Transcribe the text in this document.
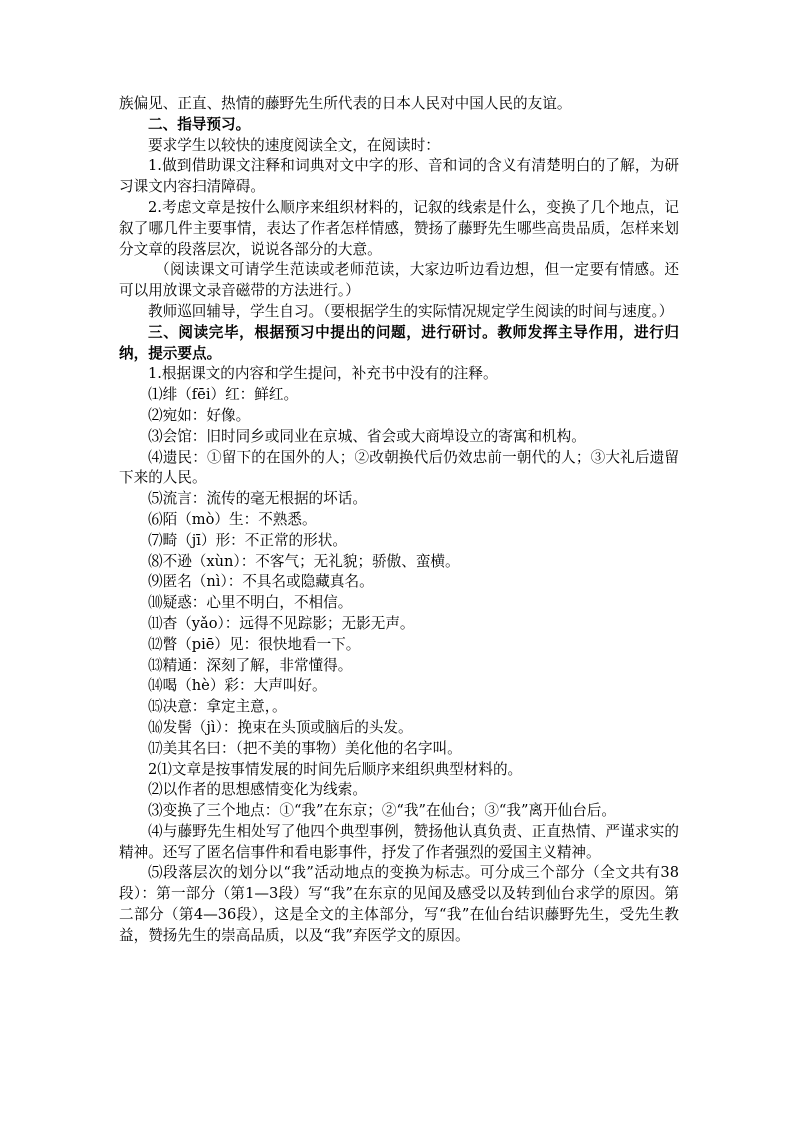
族偏见、正直、热情的藤野先生所代表的日本人民对中国人民的友谊。

二、指导预习。

要求学生以较快的速度阅读全文，在阅读时：

1.做到借助课文注释和词典对文中字的形、音和词的含义有清楚明白的了解，为研习课文内容扫清障碍。

2.考虑文章是按什么顺序来组织材料的，记叙的线索是什么，变换了几个地点，记叙了哪几件主要事情，表达了作者怎样情感，赞扬了藤野先生哪些高贵品质，怎样来划分文章的段落层次，说说各部分的大意。

（阅读课文可请学生范读或老师范读，大家边听边看边想，但一定要有情感。还可以用放课文录音磁带的方法进行。）

教师巡回辅导，学生自习。（要根据学生的实际情况规定学生阅读的时间与速度。）

三、阅读完毕，根据预习中提出的问题，进行研讨。教师发挥主导作用，进行归纳，提示要点。

1.根据课文的内容和学生提问，补充书中没有的注释。

⑴绯（fēi）红：鲜红。

⑵宛如：好像。

⑶会馆：旧时同乡或同业在京城、省会或大商埠设立的寄寓和机构。

⑷遗民：①留下的在国外的人；②改朝换代后仍效忠前一朝代的人；③大礼后遗留下来的人民。

⑸流言：流传的毫无根据的坏话。

⑹陌（mò）生：不熟悉。

⑺畸（jī）形：不正常的形状。

⑻不逊（xùn）：不客气；无礼貌；骄傲、蛮横。

⑼匿名（nì）：不具名或隐藏真名。

⑽疑惑：心里不明白，不相信。

⑾杳（yǎo）：远得不见踪影；无影无声。

⑿瞥（piē）见：很快地看一下。

⒀精通：深刻了解，非常懂得。

⒁喝（hè）彩：大声叫好。

⒂决意：拿定主意，。

⒃发髻（jì）：挽束在头顶或脑后的头发。

⒄美其名曰：（把不美的事物）美化他的名字叫。

2⑴文章是按事情发展的时间先后顺序来组织典型材料的。

⑵以作者的思想感情变化为线索。

⑶变换了三个地点：①“我”在东京；②“我”在仙台；③“我”离开仙台后。

⑷与藤野先生相处写了他四个典型事例，赞扬他认真负责、正直热情、严谨求实的精神。还写了匿名信事件和看电影事件，抒发了作者强烈的爱国主义精神。

⑸段落层次的划分以“我”活动地点的变换为标志。可分成三个部分（全文共有38段）：第一部分（第1—3段）写“我”在东京的见闻及感受以及转到仙台求学的原因。第二部分（第4—36段），这是全文的主体部分，写“我”在仙台结识藤野先生，受先生教益，赞扬先生的崇高品质，以及“我”弃医学文的原因。
